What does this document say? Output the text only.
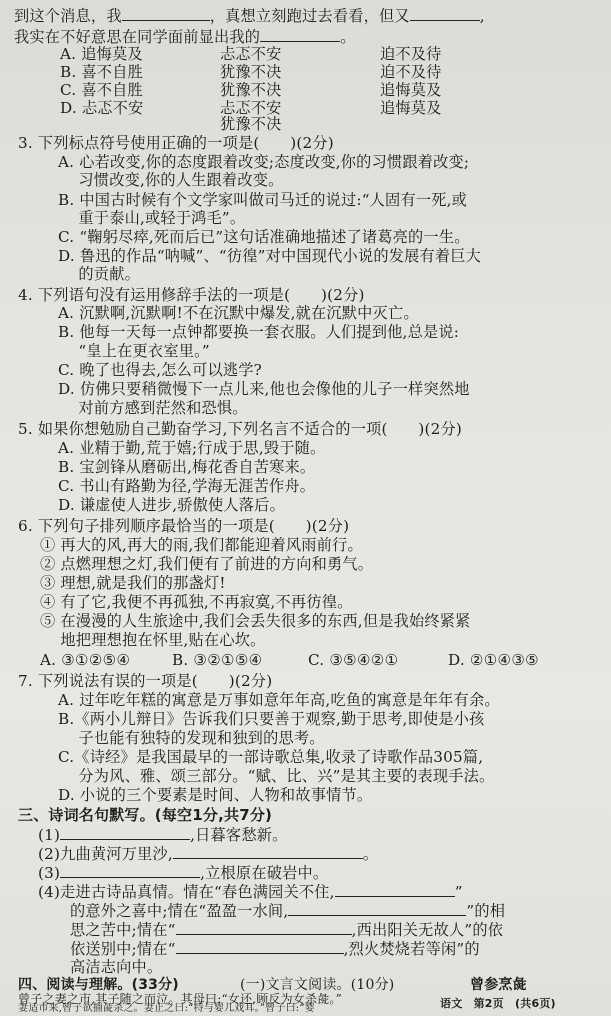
到这个消息，我	，真想立刻跑过去看看，但又	,
我实在不好意思在同学面前显出我的	。
A. 追悔莫及	忐忑不安	迫不及待
B. 喜不自胜	犹豫不决	迫不及待
C. 喜不自胜	犹豫不决	追悔莫及
D. 忐忑不安	忐忑不安	追悔莫及
犹豫不决
3. 下列标点符号使用正确的一项是(　　)(2分)
A. 心若改变,你的态度跟着改变;态度改变,你的习惯跟着改变;
　 习惯改变,你的人生跟着改变。
B. 中国古时候有个文学家叫做司马迁的说过:“人固有一死,或
　 重于泰山,或轻于鸿毛”。
C. “鞠躬尽瘁,死而后已”这句话准确地描述了诸葛亮的一生。
D. 鲁迅的作品“呐喊”、“彷徨”对中国现代小说的发展有着巨大
　 的贡献。
4. 下列语句没有运用修辞手法的一项是(　　)(2分)
A. 沉默啊,沉默啊!不在沉默中爆发,就在沉默中灭亡。
B. 他每一天每一点钟都要换一套衣服。人们提到他,总是说:
　 “皇上在更衣室里。”
C. 晚了也得去,怎么可以逃学?
D. 仿佛只要稍微慢下一点儿来,他也会像他的儿子一样突然地
　 对前方感到茫然和恐惧。
5. 如果你想勉励自己勤奋学习,下列名言不适合的一项(　　)(2分)
A. 业精于勤,荒于嬉;行成于思,毁于随。
B. 宝剑锋从磨砺出,梅花香自苦寒来。
C. 书山有路勤为径,学海无涯苦作舟。
D. 谦虚使人进步,骄傲使人落后。
6. 下列句子排列顺序最恰当的一项是(　　)(2分)
① 再大的风,再大的雨,我们都能迎着风雨前行。
② 点燃理想之灯,我们便有了前进的方向和勇气。
③ 理想,就是我们的那盏灯!
④ 有了它,我便不再孤独,不再寂寞,不再彷徨。
⑤ 在漫漫的人生旅途中,我们会丢失很多的东西,但是我始终紧紧
　 地把理想抱在怀里,贴在心坎。
A. ③①②⑤④	B. ③②①⑤④	C. ③⑤④②①	D. ②①④③⑤
7. 下列说法有误的一项是(　　)(2分)
A. 过年吃年糕的寓意是万事如意年年高,吃鱼的寓意是年年有余。
B.《两小儿辩日》告诉我们只要善于观察,勤于思考,即使是小孩
　 子也能有独特的发现和独到的思考。
C.《诗经》是我国最早的一部诗歌总集,收录了诗歌作品305篇,
　 分为风、雅、颂三部分。“赋、比、兴”是其主要的表现手法。
D. 小说的三个要素是时间、人物和故事情节。
三、诗词名句默写。(每空1分,共7分)
(1)	,日暮客愁新。
(2)九曲黄河万里沙,	。
(3)	,立根原在破岩中。
(4)走进古诗品真情。情在“春色满园关不住,	”
的意外之喜中;情在“盈盈一水间,	”的相
思之苦中;情在“	,西出阳关无故人”的依
依送别中;情在“	,烈火焚烧若等闲”的
高洁志向中。
四、阅读与理解。(33分)	(一)文言文阅读。(10分)	曾参烹彘
曾子之妻之市,其子随之而泣。其母曰:“女还,顾反为女杀彘。”
妻适市来,曾子欲捕彘杀之。妻止之曰:“特与婴儿戏耳。”曾子曰:“婴	语文　第2页　(共6页)
